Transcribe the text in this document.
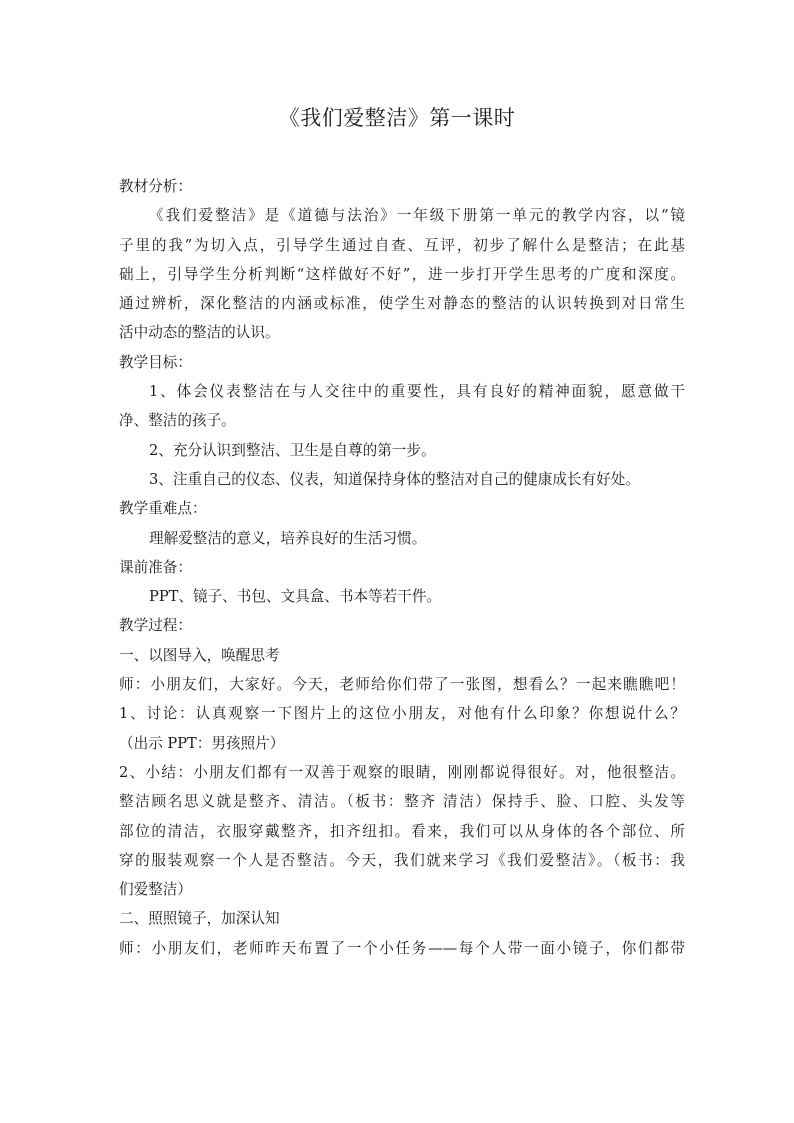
《我们爱整洁》第一课时
教材分析：
《我们爱整洁》是《道德与法治》一年级下册第一单元的教学内容，以“镜
子里的我”为切入点，引导学生通过自查、互评，初步了解什么是整洁；在此基
础上，引导学生分析判断“这样做好不好”，进一步打开学生思考的广度和深度。
通过辨析，深化整洁的内涵或标准，使学生对静态的整洁的认识转换到对日常生
活中动态的整洁的认识。
教学目标：
1、体会仪表整洁在与人交往中的重要性，具有良好的精神面貌，愿意做干
净、整洁的孩子。
2、充分认识到整洁、卫生是自尊的第一步。
3、注重自己的仪态、仪表，知道保持身体的整洁对自己的健康成长有好处。
教学重难点：
理解爱整洁的意义，培养良好的生活习惯。
课前准备：
PPT、镜子、书包、文具盒、书本等若干件。
教学过程：
一、以图导入，唤醒思考
师：小朋友们，大家好。今天，老师给你们带了一张图，想看么？一起来瞧瞧吧！
1、讨论：认真观察一下图片上的这位小朋友，对他有什么印象？你想说什么？
（出示 PPT：男孩照片）
2、小结：小朋友们都有一双善于观察的眼睛，刚刚都说得很好。对，他很整洁。
整洁顾名思义就是整齐、清洁。（板书：整齐 清洁）保持手、脸、口腔、头发等
部位的清洁，衣服穿戴整齐，扣齐纽扣。看来，我们可以从身体的各个部位、所
穿的服装观察一个人是否整洁。今天，我们就来学习《我们爱整洁》。（板书：我
们爱整洁）
二、照照镜子，加深认知
师：小朋友们，老师昨天布置了一个小任务——每个人带一面小镜子，你们都带
